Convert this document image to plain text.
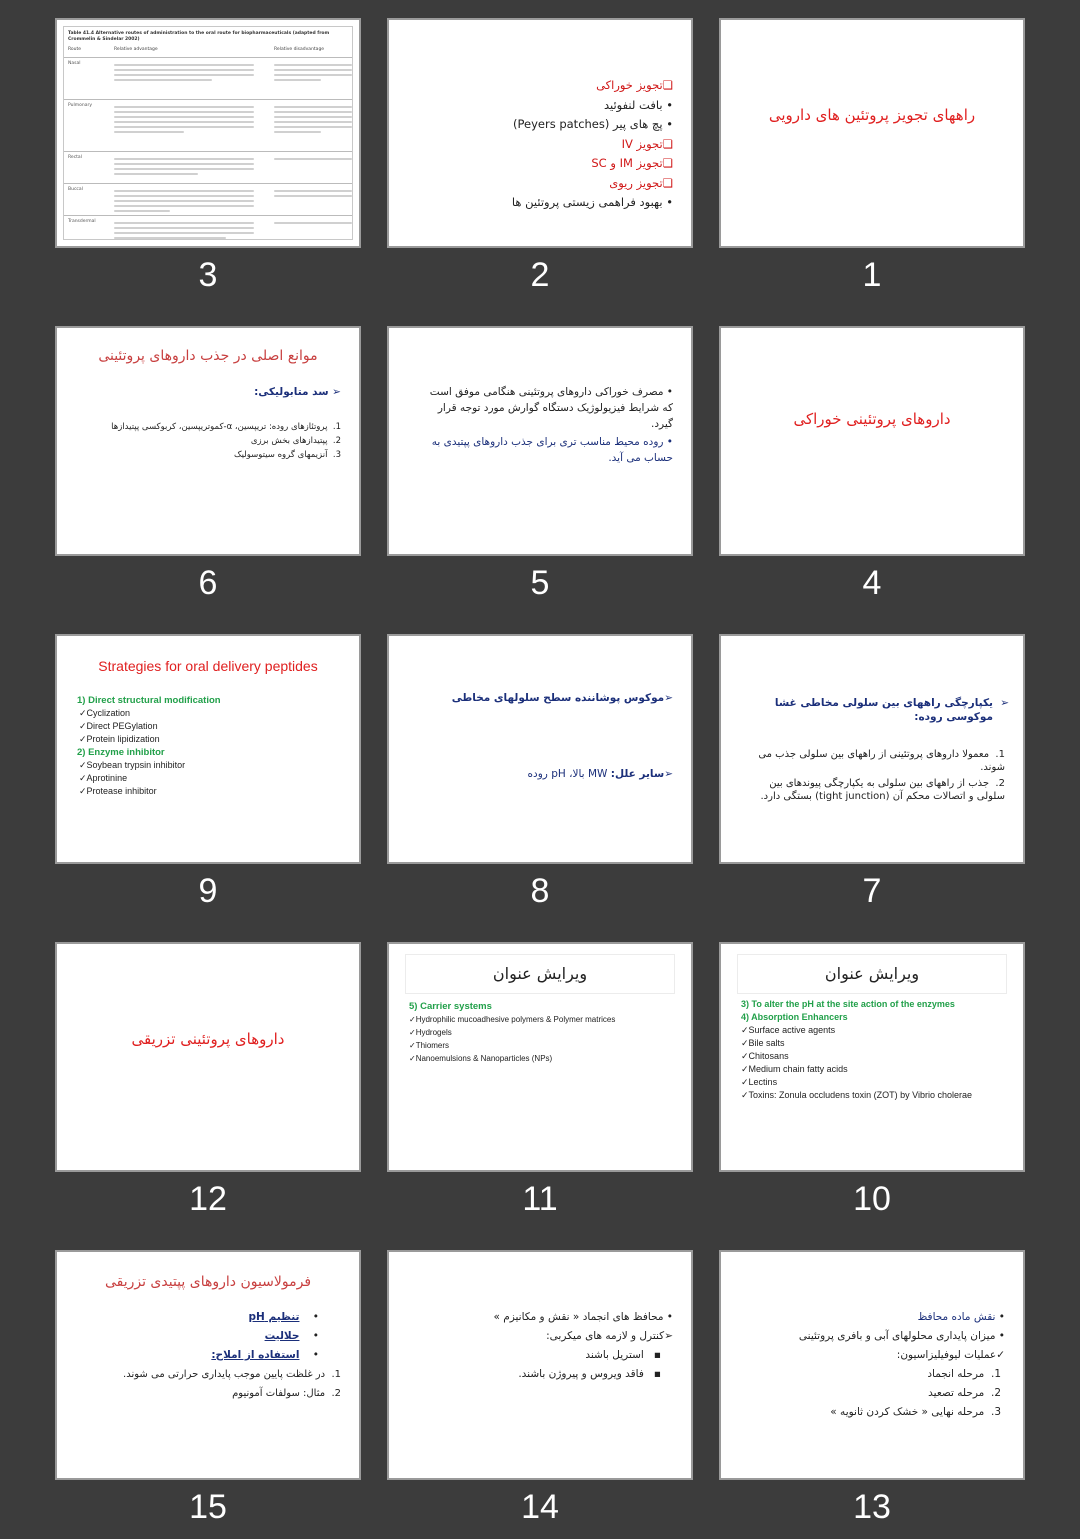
Table 41.4 Alternative routes of administration to the oral route for biopharmaceuticals (adapted from Crommelin & Sindelar 2002)
Route	Relative advantage	Relative disadvantage
Nasal
Pulmonary
Rectal
Buccal
Transdermal
3
❏تجویز خوراکی
• بافت لنفوئید
• پچ های پیر (Peyers patches)
❏تجویز IV
❏تجویز IM و SC
❏تجویز ریوی
• بهبود فراهمی زیستی پروتئین ها
2
راههای تجویز پروتئین های دارویی
1
موانع اصلی در جذب داروهای پروتئینی
➢ سد متابولیکی:
1.  پروتئازهای روده: تریپسین، α-کموتریپسین، کربوکسی پپتیدازها
2.  پپتیدازهای بخش برزی
3.  آنزیمهای گروه سیتوسولیک
6
• مصرف خوراکی داروهای پروتئینی هنگامی موفق است که شرایط فیزیولوژیک دستگاه گوارش مورد توجه قرار گیرد.
• روده محیط مناسب تری برای جذب داروهای پپتیدی به حساب می آید.
5
داروهای پروتئینی خوراکی
4
Strategies for oral delivery peptides
1) Direct structural modification
✓ Cyclization
✓ Direct PEGylation
✓ Protein lipidization
2) Enzyme inhibitor
✓ Soybean trypsin inhibitor
✓ Aprotinine
✓ Protease inhibitor
9
➢موکوس پوشاننده سطح سلولهای مخاطی
➢سایر علل: MW بالا، pH روده
8
➢
یکپارچگی راههای بین سلولی مخاطی غشا موکوسی روده:
1.  معمولا داروهای پروتئینی از راههای بین سلولی جذب می شوند.
2.  جذب از راههای بین سلولی به یکپارچگی پیوندهای بین سلولی و اتصالات محکم آن (tight junction) بستگی دارد.
7
داروهای پروتئینی تزریقی
12
ویرایش عنوان
5) Carrier systems
✓ Hydrophilic mucoadhesive polymers & Polymer matrices
✓ Hydrogels
✓ Thiomers
✓ Nanoemulsions & Nanoparticles (NPs)
11
ویرایش عنوان
3) To alter the pH at the site action of the enzymes
4) Absorption Enhancers
✓ Surface active agents
✓ Bile salts
✓ Chitosans
✓ Medium chain fatty acids
✓ Lectins
✓ Toxins: Zonula occludens toxin (ZOT) by Vibrio cholerae
10
فرمولاسیون داروهای پپتیدی تزریقی
•    تنظیم pH
•    حلالیت
•    استفاده از املاح:
1.  در غلظت پایین موجب پایداری حرارتی می شوند.
2.  مثال: سولفات آمونیوم
15
• محافظ های انجماد « نقش و مکانیزم »
➢کنترل و لازمه های میکربی:
▪   استریل باشند
▪   فاقد ویروس و پیروژن باشند.
14
• نقش ماده محافظ
• میزان پایداری محلولهای آبی و بافری پروتئینی
✓عملیات لیوفیلیزاسیون:
1.  مرحله انجماد
2.  مرحله تصعید
3.  مرحله نهایی « خشک کردن ثانویه »
13
